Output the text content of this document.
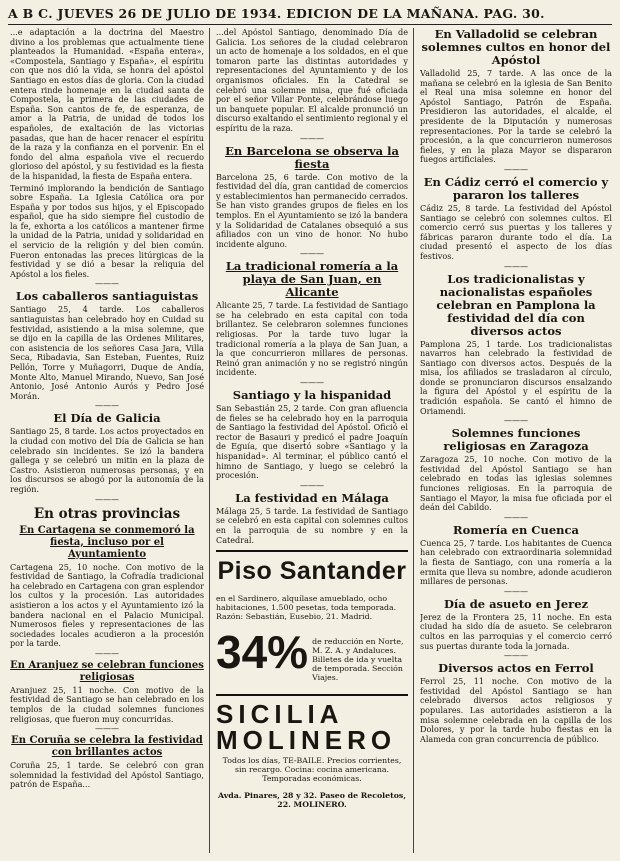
A B C. JUEVES 26 DE JULIO DE 1934. EDICION DE LA MAÑANA. PAG. 30.

...e adaptación a la doctrina del Maestro divino a los problemas que actualmente tiene planteados la Humanidad. «España entera», «Compostela, Santiago y España», el espíritu con que nos dió la vida, se honra del apóstol Santiago en estos días de gloria. Con la ciudad entera rinde homenaje en la ciudad santa de Compostela, la primera de las ciudades de España. Son cantos de fe, de esperanza, de amor a la Patria, de unidad de todos los españoles, de exaltación de las victorias pasadas, que han de hacer renacer el espíritu de la raza y la confianza en el porvenir. En el fondo del alma española vive el recuerdo glorioso del apóstol, y su festividad es la fiesta de la hispanidad, la fiesta de España entera.

Terminó implorando la bendición de Santiago sobre España. La Iglesia Católica ora por España y por todos sus hijos, y el Episcopado español, que ha sido siempre fiel custodio de la fe, exhorta a los católicos a mantener firme la unidad de la Patria, unidad y solidaridad en el servicio de la religión y del bien común. Fueron entonadas las preces litúrgicas de la festividad y se dió a besar la reliquia del Apóstol a los fieles.

———
Los caballeros santiaguistas

Santiago 25, 4 tarde. Los caballeros santiaguistas han celebrado hoy en Cuidad su festividad, asistiendo a la misa solemne, que se dijo en la capilla de las Ordenes Militares, con asistencia de los señores Casa Jara, Villa Seca, Ribadavia, San Esteban, Fuentes, Ruiz Pellón, Torre y Muñagorri, Duque de Andía, Monte Alto, Manuel Mirando, Nuevo, San José Antonio, José Antonio Aurós y Pedro José Morán.

———
El Día de Galicia

Santiago 25, 8 tarde. Los actos proyectados en la ciudad con motivo del Día de Galicia se han celebrado sin incidentes. Se izó la bandera gallega y se celebró un mitin en la plaza de Castro. Asistieron numerosas personas, y en los discursos se abogó por la autonomía de la región.

———
En otras provincias
En Cartagena se conmemoró la fiesta, incluso por el Ayuntamiento

Cartagena 25, 10 noche. Con motivo de la festividad de Santiago, la Cofradía tradicional ha celebrado en Cartagena con gran esplendor los cultos y la procesión. Las autoridades asistieron a los actos y el Ayuntamiento izó la bandera nacional en el Palacio Municipal. Numerosos fieles y representaciones de las sociedades locales acudieron a la procesión por la tarde.

———
En Aranjuez se celebran funciones religiosas

Aranjuez 25, 11 noche. Con motivo de la festividad de Santiago se han celebrado en los templos de la ciudad solemnes funciones religiosas, que fueron muy concurridas.

———
En Coruña se celebra la festividad con brillantes actos

Coruña 25, 1 tarde. Se celebró con gran solemnidad la festividad del Apóstol Santiago, patrón de España...

...del Apóstol Santiago, denominado Día de Galicia. Los señores de la ciudad celebraron un acto de homenaje a los soldados, en el que tomaron parte las distintas autoridades y representaciones del Ayuntamiento y de los organismos oficiales. En la Catedral se celebró una solemne misa, que fué oficiada por el señor Villar Ponte, celebrándose luego un banquete popular. El alcalde pronunció un discurso exaltando el sentimiento regional y el espíritu de la raza.

———
En Barcelona se observa la fiesta

Barcelona 25, 6 tarde. Con motivo de la festividad del día, gran cantidad de comercios y establecimientos han permanecido cerrados. Se han visto grandes grupos de fieles en los templos. En el Ayuntamiento se izó la bandera y la Solidaridad de Catalanes obsequió a sus afiliados con un vino de honor. No hubo incidente alguno.

———
La tradicional romería a la playa de San Juan, en Alicante

Alicante 25, 7 tarde. La festividad de Santiago se ha celebrado en esta capital con toda brillantez. Se celebraron solemnes funciones religiosas. Por la tarde tuvo lugar la tradicional romería a la playa de San Juan, a la que concurrieron millares de personas. Reinó gran animación y no se registró ningún incidente.

———
Santiago y la hispanidad

San Sebastián 25, 2 tarde. Con gran afluencia de fieles se ha celebrado hoy en la parroquia de Santiago la festividad del Apóstol. Ofició el rector de Basauri y predicó el padre Joaquín de Eguía, que disertó sobre «Santiago y la hispanidad». Al terminar, el público cantó el himno de Santiago, y luego se celebró la procesión.

———
La festividad en Málaga

Málaga 25, 5 tarde. La festividad de Santiago se celebró en esta capital con solemnes cultos en la parroquia de su nombre y en la Catedral.

Piso Santander

en el Sardinero, alquílase amueblado, ocho habitaciones, 1.500 pesetas, toda temporada. Razón: Sebastián, Eusebio, 21. Madrid.

34% de reducción en Norte, M. Z. A. y Andaluces. Billetes de ida y vuelta de temporada. Sección Viajes.

SICILIA MOLINERO

Todos los días, TE-BAILE. Precios corrientes, sin recargo. Cocina: cocina americana. Temporadas económicas.

Avda. Pinares, 28 y 32. Paseo de Recoletos, 22. MOLINERO.

En Valladolid se celebran solemnes cultos en honor del Apóstol

Valladolid 25, 7 tarde. A las once de la mañana se celebró en la iglesia de San Benito el Real una misa solemne en honor del Apóstol Santiago, Patrón de España. Presidieron las autoridades, el alcalde, el presidente de la Diputación y numerosas representaciones. Por la tarde se celebró la procesión, a la que concurrieron numerosos fieles, y en la plaza Mayor se dispararon fuegos artificiales.

———
En Cádiz cerró el comercio y pararon los talleres

Cádiz 25, 8 tarde. La festividad del Apóstol Santiago se celebró con solemnes cultos. El comercio cerró sus puertas y los talleres y fábricas pararon durante todo el día. La ciudad presentó el aspecto de los días festivos.

———
Los tradicionalistas y nacionalistas españoles celebran en Pamplona la festividad del día con diversos actos

Pamplona 25, 1 tarde. Los tradicionalistas navarros han celebrado la festividad de Santiago con diversos actos. Después de la misa, los afiliados se trasladaron al círculo, donde se pronunciaron discursos ensalzando la figura del Apóstol y el espíritu de la tradición española. Se cantó el himno de Oriamendi.

———
Solemnes funciones religiosas en Zaragoza

Zaragoza 25, 10 noche. Con motivo de la festividad del Apóstol Santiago se han celebrado en todas las iglesias solemnes funciones religiosas. En la parroquia de Santiago el Mayor, la misa fue oficiada por el deán del Cabildo.

———
Romería en Cuenca

Cuenca 25, 7 tarde. Los habitantes de Cuenca han celebrado con extraordinaria solemnidad la fiesta de Santiago, con una romería a la ermita que lleva su nombre, adonde acudieron millares de personas.

———
Día de asueto en Jerez

Jerez de la Frontera 25, 11 noche. En esta ciudad ha sido día de asueto. Se celebraron cultos en las parroquias y el comercio cerró sus puertas durante toda la jornada.

———
Diversos actos en Ferrol

Ferrol 25, 11 noche. Con motivo de la festividad del Apóstol Santiago se han celebrado diversos actos religiosos y populares. Las autoridades asistieron a la misa solemne celebrada en la capilla de los Dolores, y por la tarde hubo fiestas en la Alameda con gran concurrencia de público.
